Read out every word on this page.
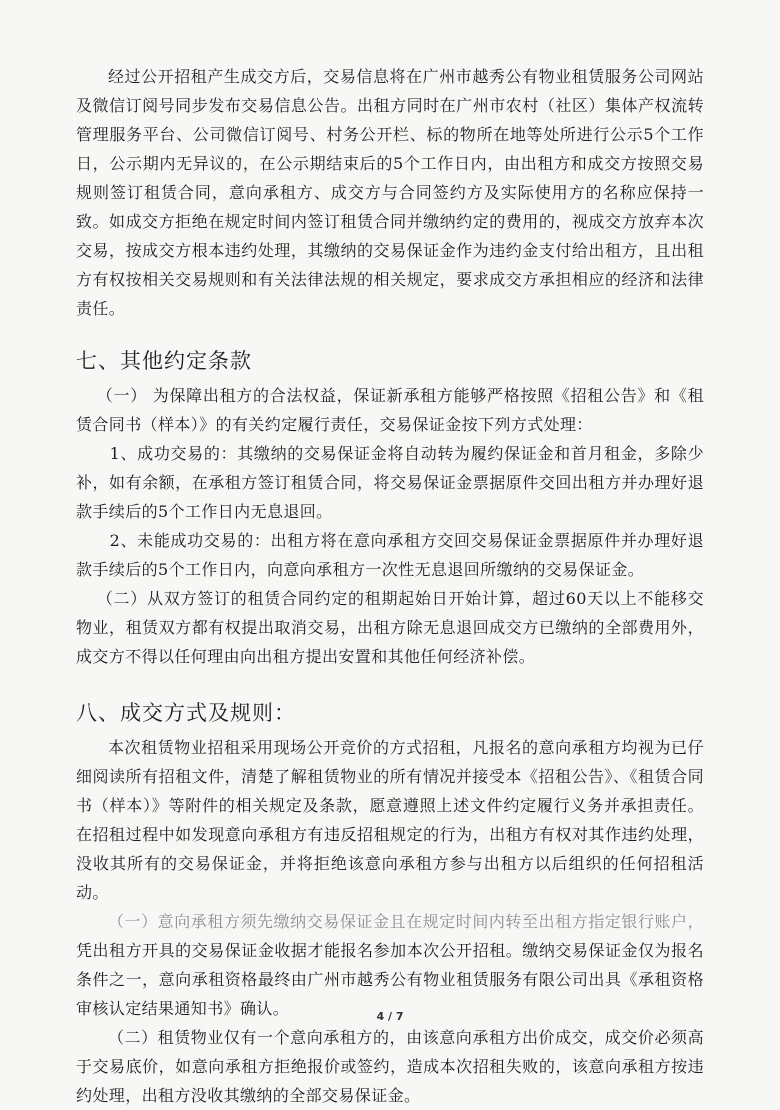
经过公开招租产生成交方后，交易信息将在广州市越秀公有物业租赁服务公司网站及微信订阅号同步发布交易信息公告。出租方同时在广州市农村（社区）集体产权流转管理服务平台、公司微信订阅号、村务公开栏、标的物所在地等处所进行公示5个工作日，公示期内无异议的，在公示期结束后的5个工作日内，由出租方和成交方按照交易规则签订租赁合同，意向承租方、成交方与合同签约方及实际使用方的名称应保持一致。如成交方拒绝在规定时间内签订租赁合同并缴纳约定的费用的，视成交方放弃本次交易，按成交方根本违约处理，其缴纳的交易保证金作为违约金支付给出租方，且出租方有权按相关交易规则和有关法律法规的相关规定，要求成交方承担相应的经济和法律责任。

七、其他约定条款

（一） 为保障出租方的合法权益，保证新承租方能够严格按照《招租公告》和《租赁合同书（样本）》的有关约定履行责任，交易保证金按下列方式处理：

1、成功交易的：其缴纳的交易保证金将自动转为履约保证金和首月租金，多除少补，如有余额，在承租方签订租赁合同，将交易保证金票据原件交回出租方并办理好退款手续后的5个工作日内无息退回。

2、未能成功交易的：出租方将在意向承租方交回交易保证金票据原件并办理好退款手续后的5个工作日内，向意向承租方一次性无息退回所缴纳的交易保证金。

（二）从双方签订的租赁合同约定的租期起始日开始计算，超过60天以上不能移交物业，租赁双方都有权提出取消交易，出租方除无息退回成交方已缴纳的全部费用外，成交方不得以任何理由向出租方提出安置和其他任何经济补偿。

八、成交方式及规则：

本次租赁物业招租采用现场公开竞价的方式招租，凡报名的意向承租方均视为已仔细阅读所有招租文件，清楚了解租赁物业的所有情况并接受本《招租公告》、《租赁合同书（样本）》等附件的相关规定及条款，愿意遵照上述文件约定履行义务并承担责任。在招租过程中如发现意向承租方有违反招租规定的行为，出租方有权对其作违约处理，没收其所有的交易保证金，并将拒绝该意向承租方参与出租方以后组织的任何招租活动。

（一）意向承租方须先缴纳交易保证金且在规定时间内转至出租方指定银行账户，凭出租方开具的交易保证金收据才能报名参加本次公开招租。缴纳交易保证金仅为报名条件之一，意向承租资格最终由广州市越秀公有物业租赁服务有限公司出具《承租资格审核认定结果通知书》确认。

（二）租赁物业仅有一个意向承租方的，由该意向承租方出价成交，成交价必须高于交易底价，如意向承租方拒绝报价或签约，造成本次招租失败的，该意向承租方按违约处理，出租方没收其缴纳的全部交易保证金。

4 / 7
